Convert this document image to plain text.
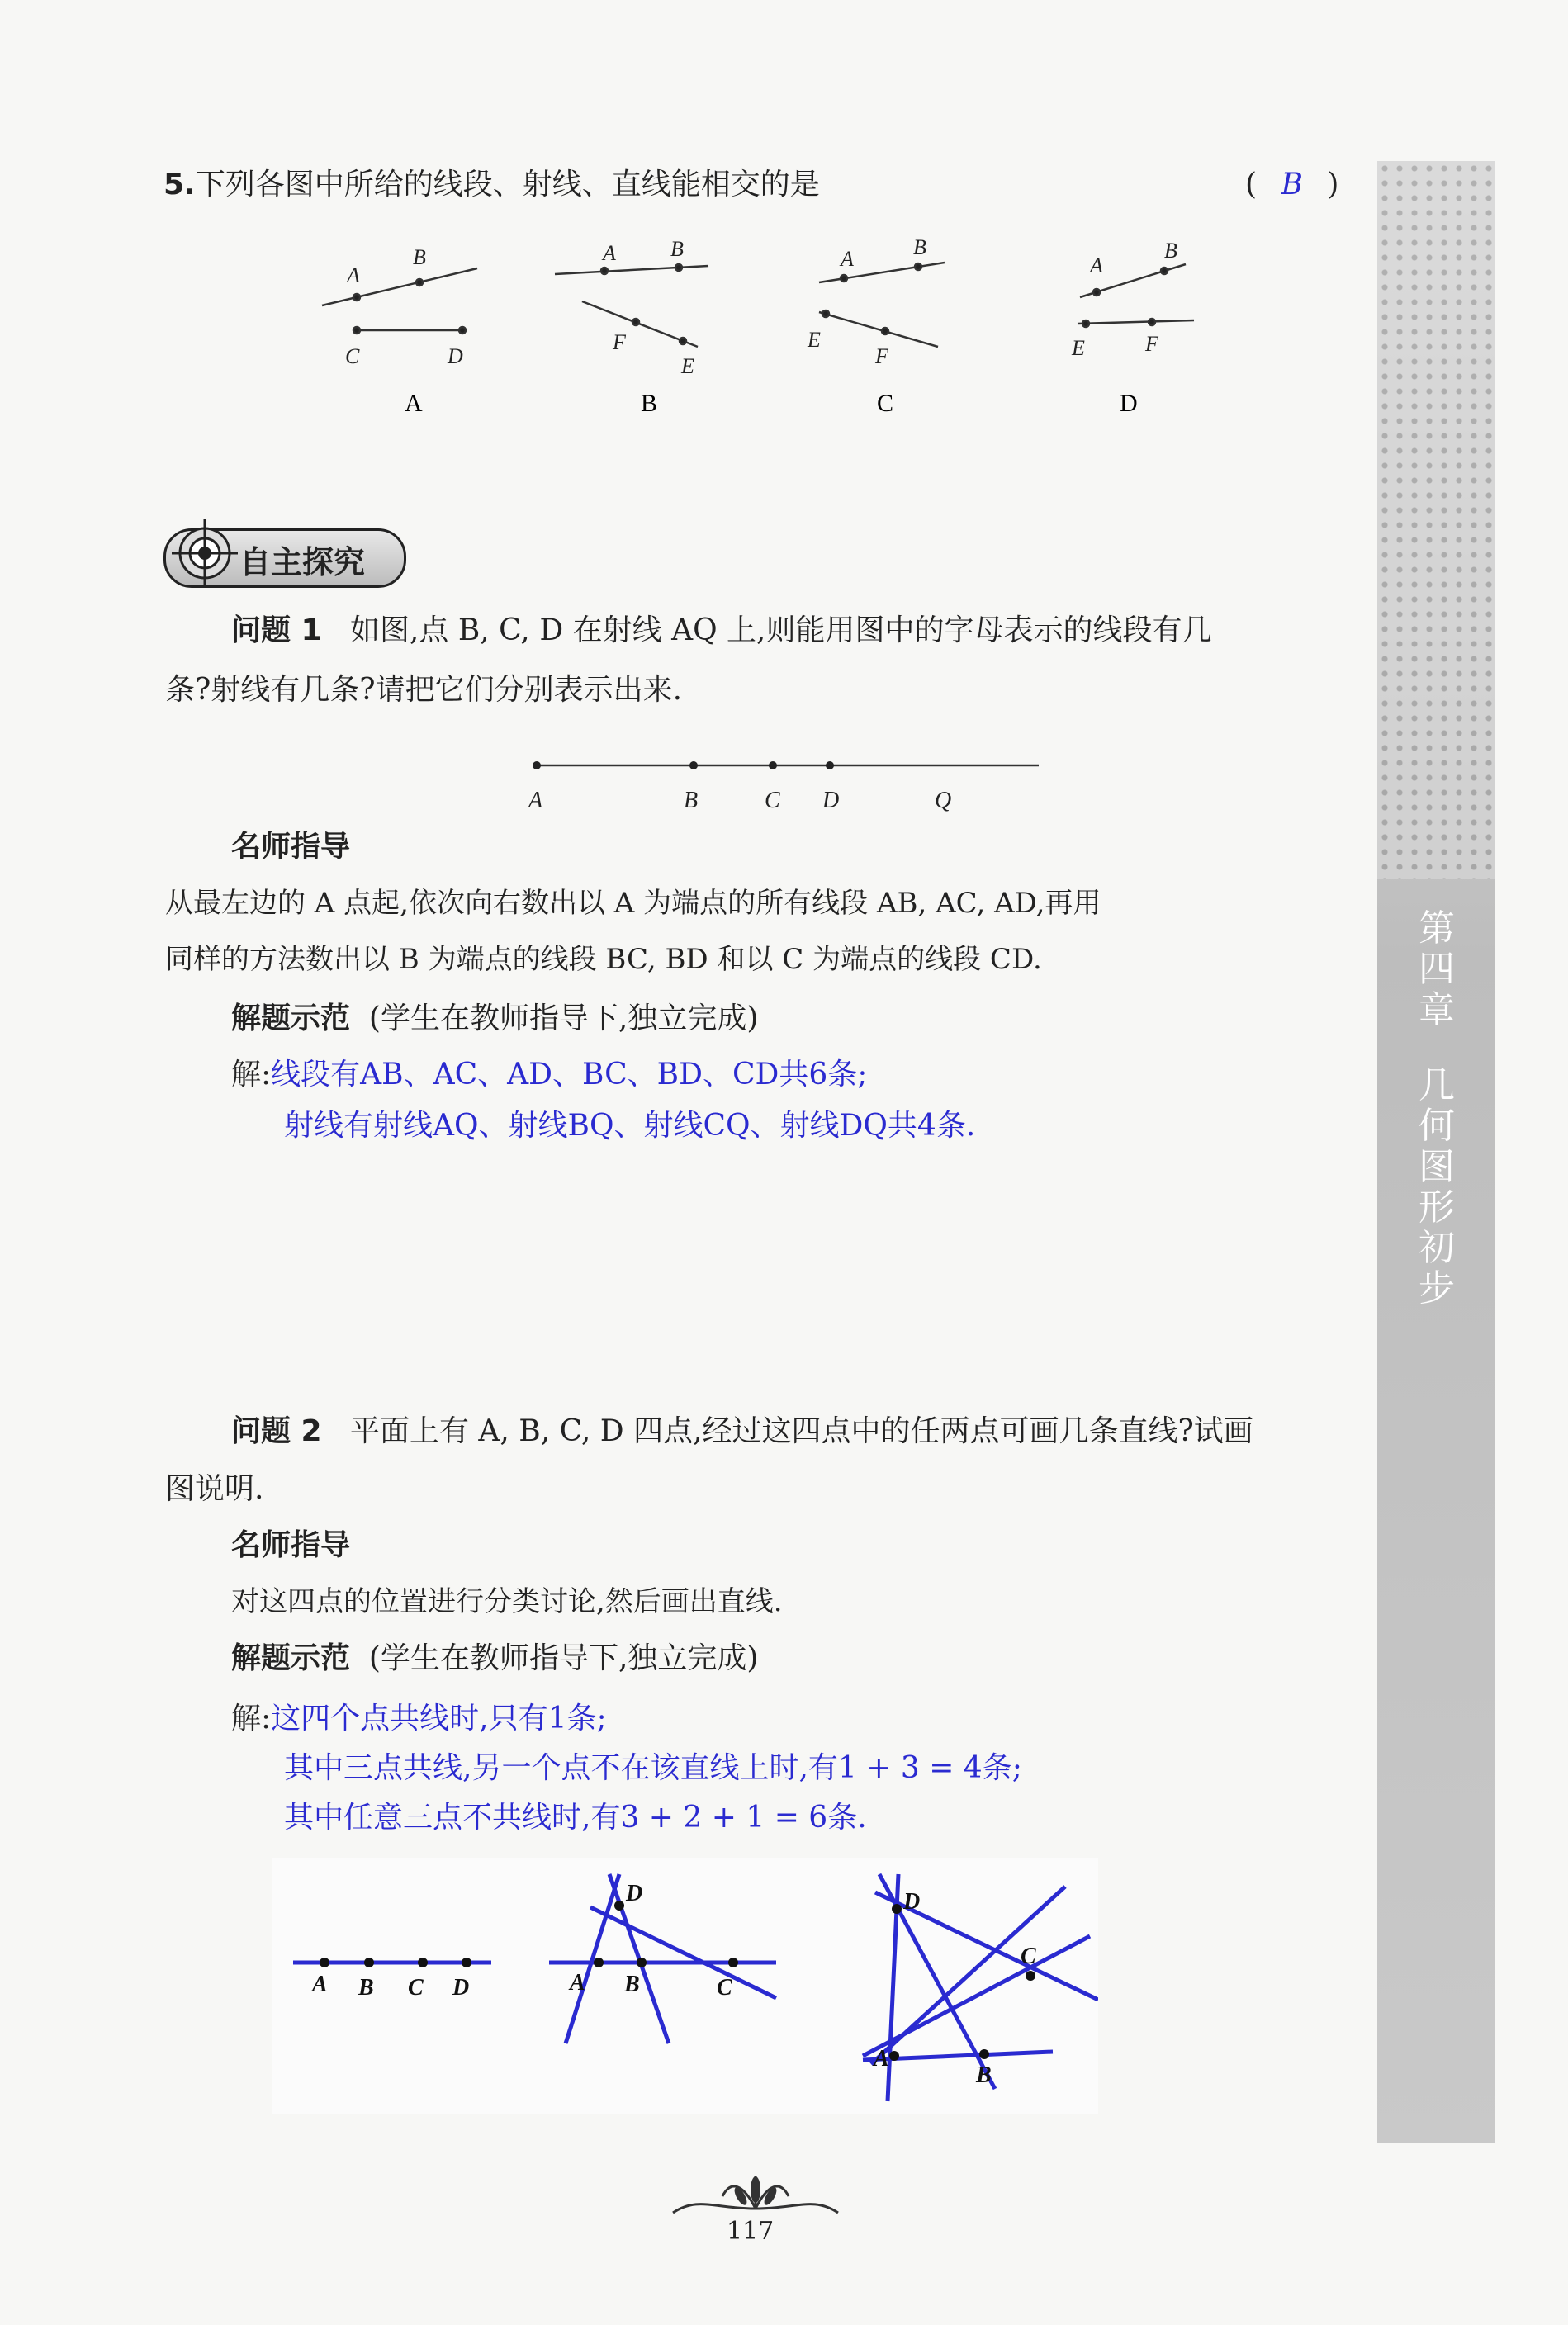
第四章
几何图形初步
5.下列各图中所给的线段、射线、直线能相交的是	( B )
A
B
C	D
A	B
F
E
A	B
E
F
A
B
E	F
A	B	C	D
自主探究
问题 1 如图,点 B, C, D 在射线 AQ 上,则能用图中的字母表示的线段有几
条?射线有几条?请把它们分别表示出来.
A	B	C D	Q
名师指导
从最左边的 A 点起,依次向右数出以 A 为端点的所有线段 AB, AC, AD,再用
同样的方法数出以 B 为端点的线段 BC, BD 和以 C 为端点的线段 CD.
解题示范 (学生在教师指导下,独立完成)
解:线段有AB、AC、AD、BC、BD、CD共6条;
射线有射线AQ、射线BQ、射线CQ、射线DQ共4条.
问题 2 平面上有 A, B, C, D 四点,经过这四点中的任两点可画几条直线?试画
图说明.
名师指导
对这四点的位置进行分类讨论,然后画出直线.
解题示范 (学生在教师指导下,独立完成)
解:这四个点共线时,只有1条;
其中三点共线,另一个点不在该直线上时,有1 + 3 = 4条;
其中任意三点不共线时,有3 + 2 + 1 = 6条.
A B C D	A B	C
D
A
B
C
D
117
